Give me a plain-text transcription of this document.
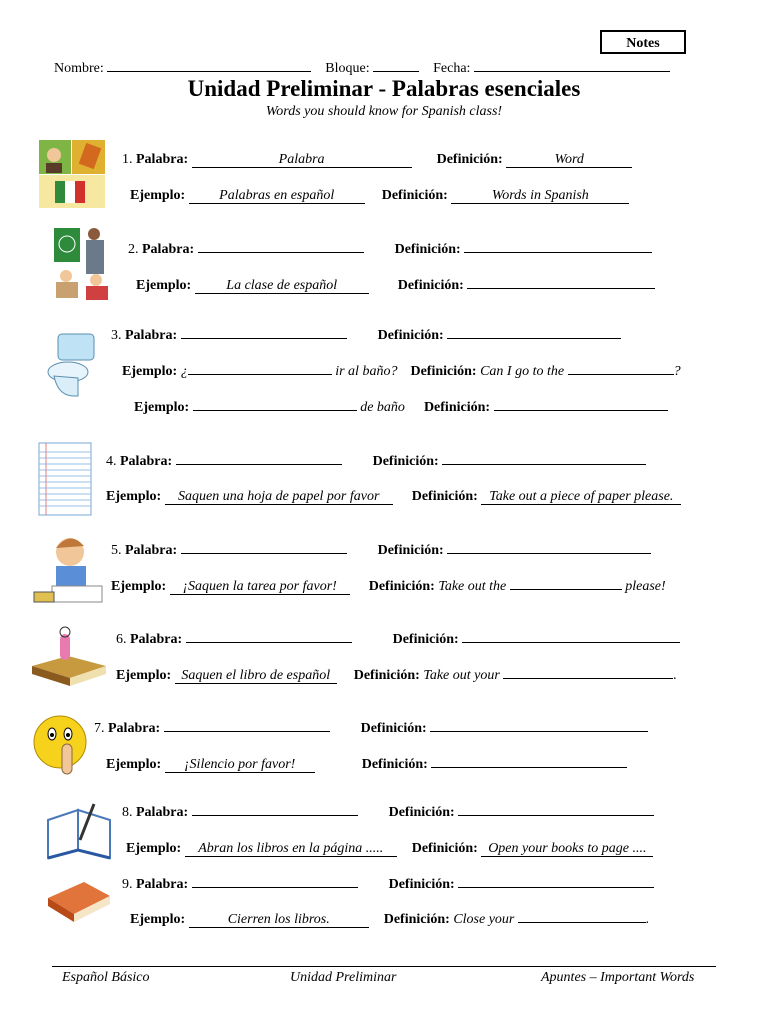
Notes
Nombre:	Bloque:	Fecha:
Unidad Preliminar - Palabras esenciales
Words you should know for Spanish class!
1. Palabra:	Palabra	Definición:	Word
Ejemplo: Palabras en español	Definición:	Words in Spanish
2. Palabra:	Definición:
Ejemplo:	La clase de español	Definición:
3. Palabra:	Definición:
Ejemplo: ¿	ir al baño? Definición: Can I go to the	?
Ejemplo:	de baño Definición:
4. Palabra:	Definición:
Ejemplo: Saquen una hoja de papel por favor Definición: Take out a piece of paper please.
5. Palabra:	Definición:
Ejemplo: ¡Saquen la tarea por favor! Definición: Take out the	please!
6. Palabra:	Definición:
Ejemplo: Saquen el libro de español Definición: Take out your	.
7. Palabra:	Definición:
Ejemplo: ¡Silencio por favor!	Definición:
8. Palabra:	Definición:
Ejemplo: Abran los libros en la página ..... Definición: Open your books to page ....
9. Palabra:	Definición:
Ejemplo:	Cierren los libros.	Definición: Close your	.
Español Básico	Unidad Preliminar	Apuntes – Important Words
